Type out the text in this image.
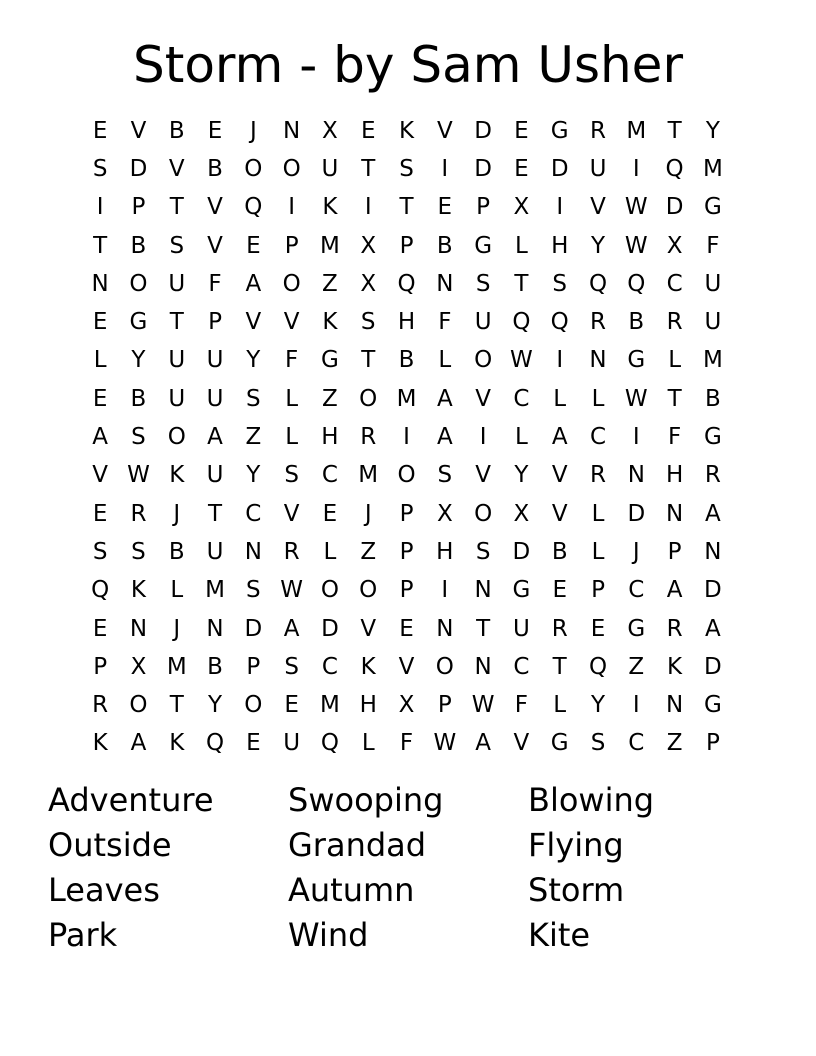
Storm - by Sam Usher
E	V B	E	J	N X	E	K V D E G R M T	Y
S D V B O O U T	S	I	D E D U	I	Q M
I	P	T	V Q	I	K	I	T	E	P	X	I	V W D G
T	B	S	V	E	P M X	P	B G L	H Y W X	F
N O U	F	A O Z X Q N S	T	S Q Q C U
E G T	P	V V K	S H	F	U Q Q R B R U
L	Y U U Y	F G T	B	L O W	I	N G L M
E	B U U S	L	Z O M A V C	L	L W T	B
A	S O A Z	L	H R	I	A	I	L	A C	I	F G
V W K U Y	S C M O S	V	Y	V R N H R
E	R	J	T	C V	E	J	P	X O X V	L	D N A
S	S	B U N R	L	Z	P H S D B	L	J	P N
Q K	L M S W O O P	I	N G E	P	C A D
E N	J	N D A D V	E N T U R	E G R A
P	X M B	P	S C K V O N C	T Q Z K D
R O T	Y O E M H X	P W F	L	Y	I	N G
K A K Q E U Q L	F W A V G S C Z	P
Adventure	Swooping	Blowing
Outside	Grandad	Flying
Leaves	Autumn	Storm
Park	Wind	Kite
